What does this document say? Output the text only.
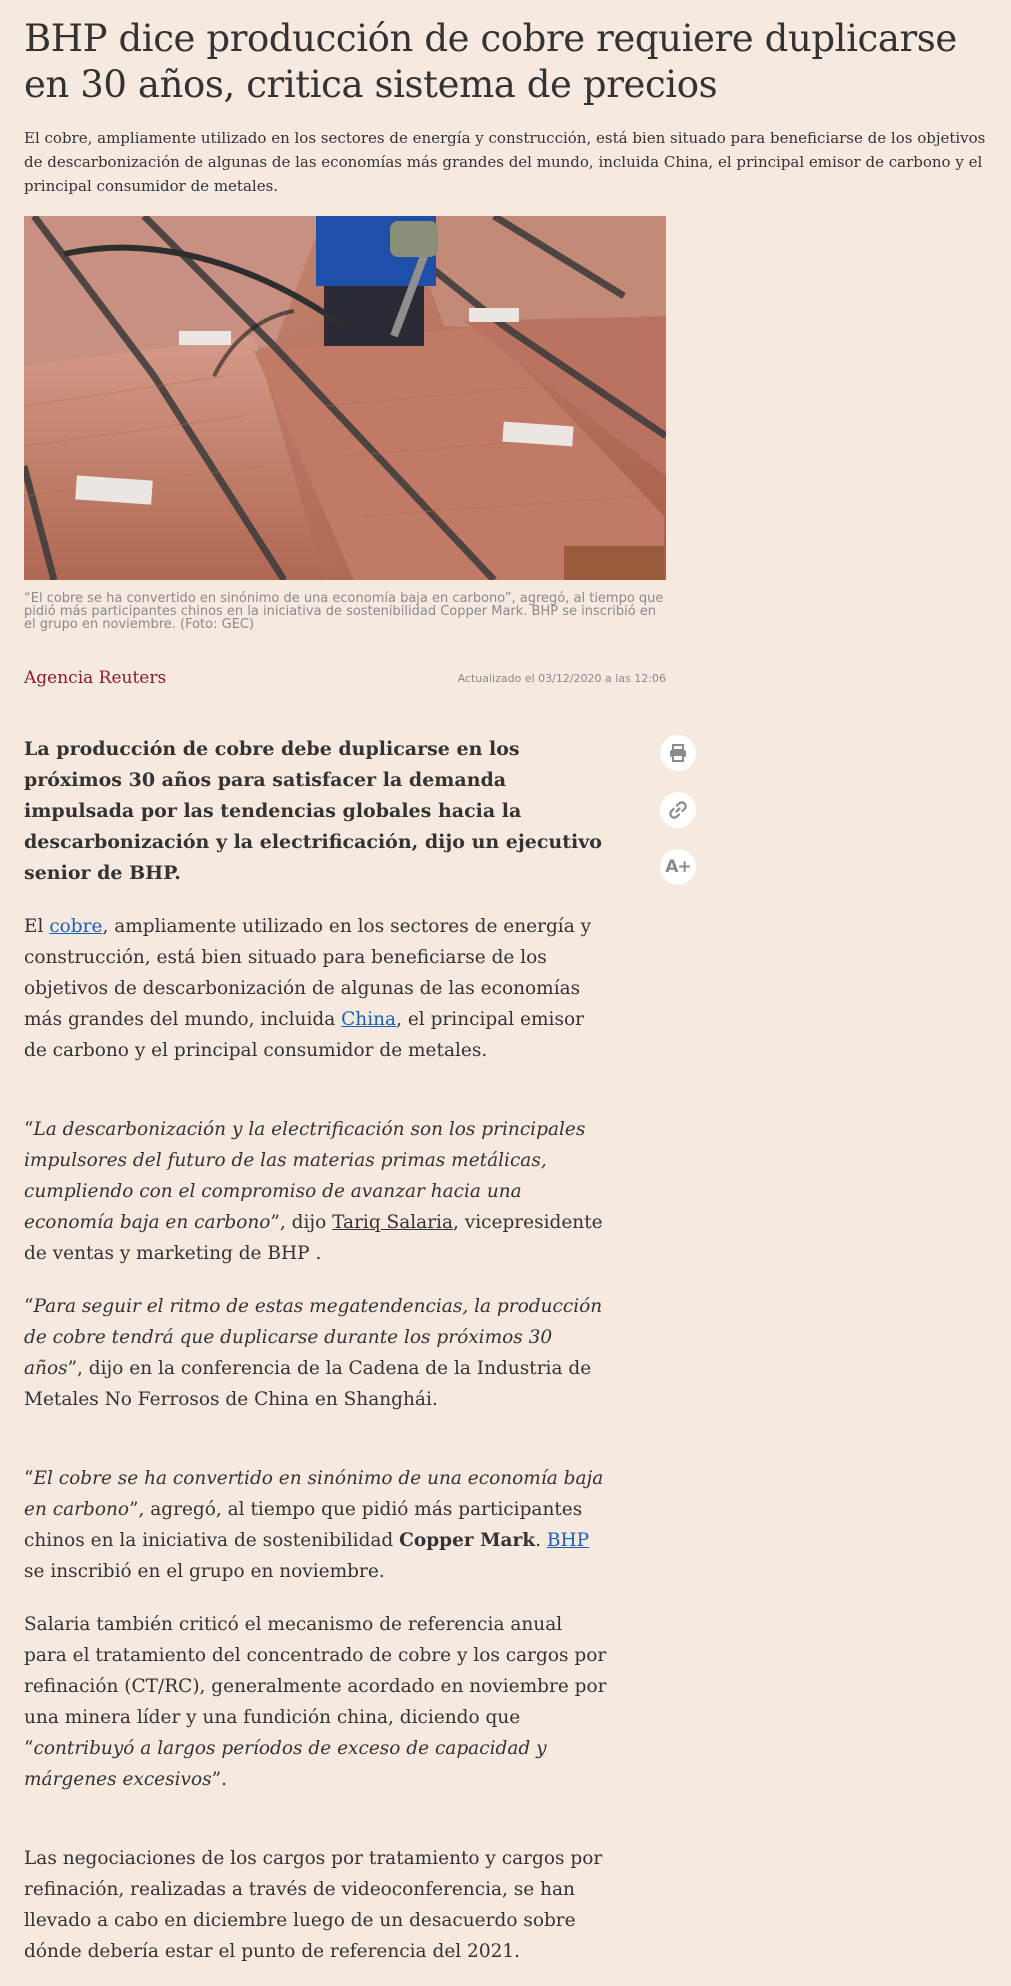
BHP dice producción de cobre requiere duplicarse en 30 años, critica sistema de precios

El cobre, ampliamente utilizado en los sectores de energía y construcción, está bien situado para beneficiarse de los objetivos de descarbonización de algunas de las economías más grandes del mundo, incluida China, el principal emisor de carbono y el principal consumidor de metales.

“El cobre se ha convertido en sinónimo de una economía baja en carbono”, agregó, al tiempo que pidió más participantes chinos en la iniciativa de sostenibilidad Copper Mark. BHP se inscribió en el grupo en noviembre. (Foto: GEC)

Agencia Reuters	Actualizado el 03/12/2020 a las 12:06
A+

La producción de cobre debe duplicarse en los próximos 30 años para satisfacer la demanda impulsada por las tendencias globales hacia la descarbonización y la electrificación, dijo un ejecutivo senior de BHP.

El cobre, ampliamente utilizado en los sectores de energía y construcción, está bien situado para beneficiarse de los objetivos de descarbonización de algunas de las economías más grandes del mundo, incluida China, el principal emisor de carbono y el principal consumidor de metales.

“La descarbonización y la electrificación son los principales impulsores del futuro de las materias primas metálicas, cumpliendo con el compromiso de avanzar hacia una economía baja en carbono”, dijo Tariq Salaria, vicepresidente de ventas y marketing de BHP .

“Para seguir el ritmo de estas megatendencias, la producción de cobre tendrá que duplicarse durante los próximos 30 años”, dijo en la conferencia de la Cadena de la Industria de Metales No Ferrosos de China en Shanghái.

“El cobre se ha convertido en sinónimo de una economía baja en carbono”, agregó, al tiempo que pidió más participantes chinos en la iniciativa de sostenibilidad Copper Mark. BHP se inscribió en el grupo en noviembre.

Salaria también criticó el mecanismo de referencia anual para el tratamiento del concentrado de cobre y los cargos por refinación (CT/RC), generalmente acordado en noviembre por una minera líder y una fundición china, diciendo que “contribuyó a largos períodos de exceso de capacidad y márgenes excesivos”.

Las negociaciones de los cargos por tratamiento y cargos por refinación, realizadas a través de videoconferencia, se han llevado a cabo en diciembre luego de un desacuerdo sobre dónde debería estar el punto de referencia del 2021.
